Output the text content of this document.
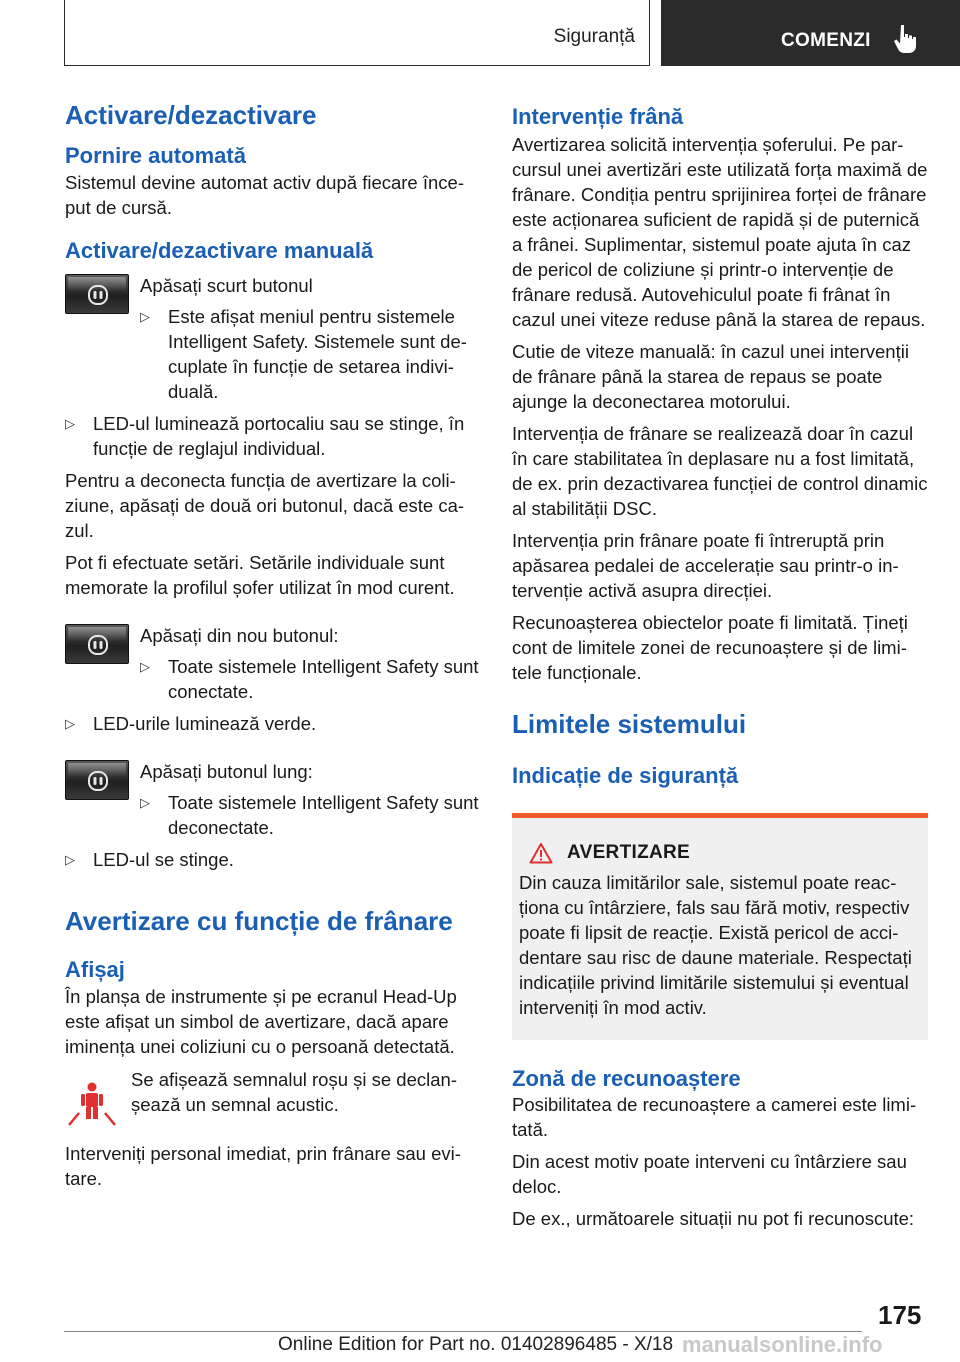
Siguranță	COMENZI
Activare/dezactivare
Pornire automată

Sistemul devine automat activ după fiecare început de cursă.

Activare/dezactivare manuală

Apăsați scurt butonul

▷ Este afișat meniul pentru sistemele Intelligent Safety. Sistemele sunt decuplate în funcție de setarea individuală.
▷ LED-ul luminează portocaliu sau se stinge, în funcție de reglajul individual.

Pentru a deconecta funcția de avertizare la coliziune, apăsați de două ori butonul, dacă este cazul.

Pot fi efectuate setări. Setările individuale sunt memorate la profilul șofer utilizat în mod curent.

Apăsați din nou butonul:

▷ Toate sistemele Intelligent Safety sunt conectate.
▷ LED-urile luminează verde.

Apăsați butonul lung:

▷ Toate sistemele Intelligent Safety sunt deconectate.
▷ LED-ul se stinge.
Avertizare cu funcție de frânare
Afișaj

În planșa de instrumente și pe ecranul Head-Up este afișat un simbol de avertizare, dacă apare iminența unei coliziuni cu o persoană detectată.

Se afișează semnalul roșu și se declanșează un semnal acustic.

Interveniți personal imediat, prin frânare sau evitare.

Intervenție frână

Avertizarea solicită intervenția șoferului. Pe parcursul unei avertizări este utilizată forța maximă de frânare. Condiția pentru sprijinirea forței de frânare este acționarea suficient de rapidă și de puternică a frânei. Suplimentar, sistemul poate ajuta în caz de pericol de coliziune și printr-o intervenție de frânare redusă. Autovehiculul poate fi frânat în cazul unei viteze reduse până la starea de repaus.

Cutie de viteze manuală: în cazul unei intervenții de frânare până la starea de repaus se poate ajunge la deconectarea motorului.

Intervenția de frânare se realizează doar în cazul în care stabilitatea în deplasare nu a fost limitată, de ex. prin dezactivarea funcției de control dinamic al stabilității DSC.

Intervenția prin frânare poate fi întreruptă prin apăsarea pedalei de accelerație sau printr-o intervenție activă asupra direcției.

Recunoașterea obiectelor poate fi limitată. Țineți cont de limitele zonei de recunoaștere și de limitele funcționale.

Limitele sistemului
Indicație de siguranță
AVERTIZARE

Din cauza limitărilor sale, sistemul poate reacționa cu întârziere, fals sau fără motiv, respectiv poate fi lipsit de reacție. Există pericol de accidentare sau risc de daune materiale. Respectați indicațiile privind limitările sistemului și eventual interveniți în mod activ.

Zonă de recunoaștere

Posibilitatea de recunoaștere a camerei este limitată.

Din acest motiv poate interveni cu întârziere sau deloc.

De ex., următoarele situații nu pot fi recunoscute:

175
Online Edition for Part no. 01402896485 - X/18 manualsonline.info
